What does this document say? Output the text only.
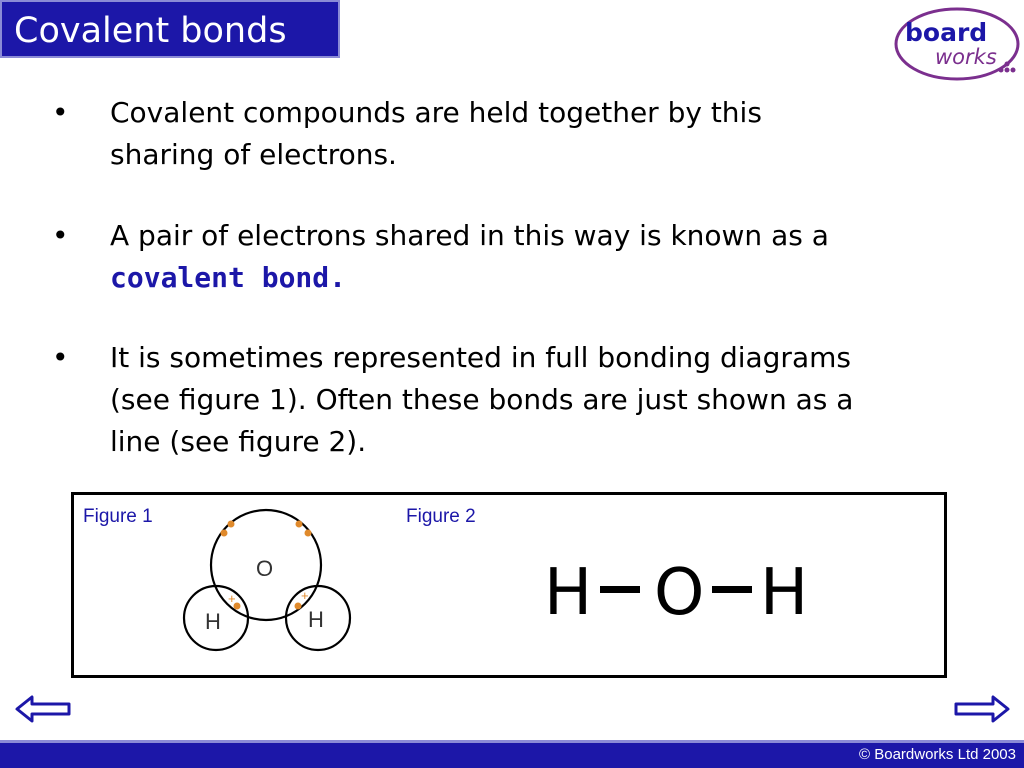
Covalent bonds	board
works
• Covalent compounds are held together by this
sharing of electrons.
• A pair of electrons shared in this way is known as a
covalent bond.
• It is sometimes represented in full bonding diagrams
(see figure 1). Often these bonds are just shown as a
line (see figure 2).
Figure 1	Figure 2
+	+
O
H	H	H O H
© Boardworks Ltd 2003
